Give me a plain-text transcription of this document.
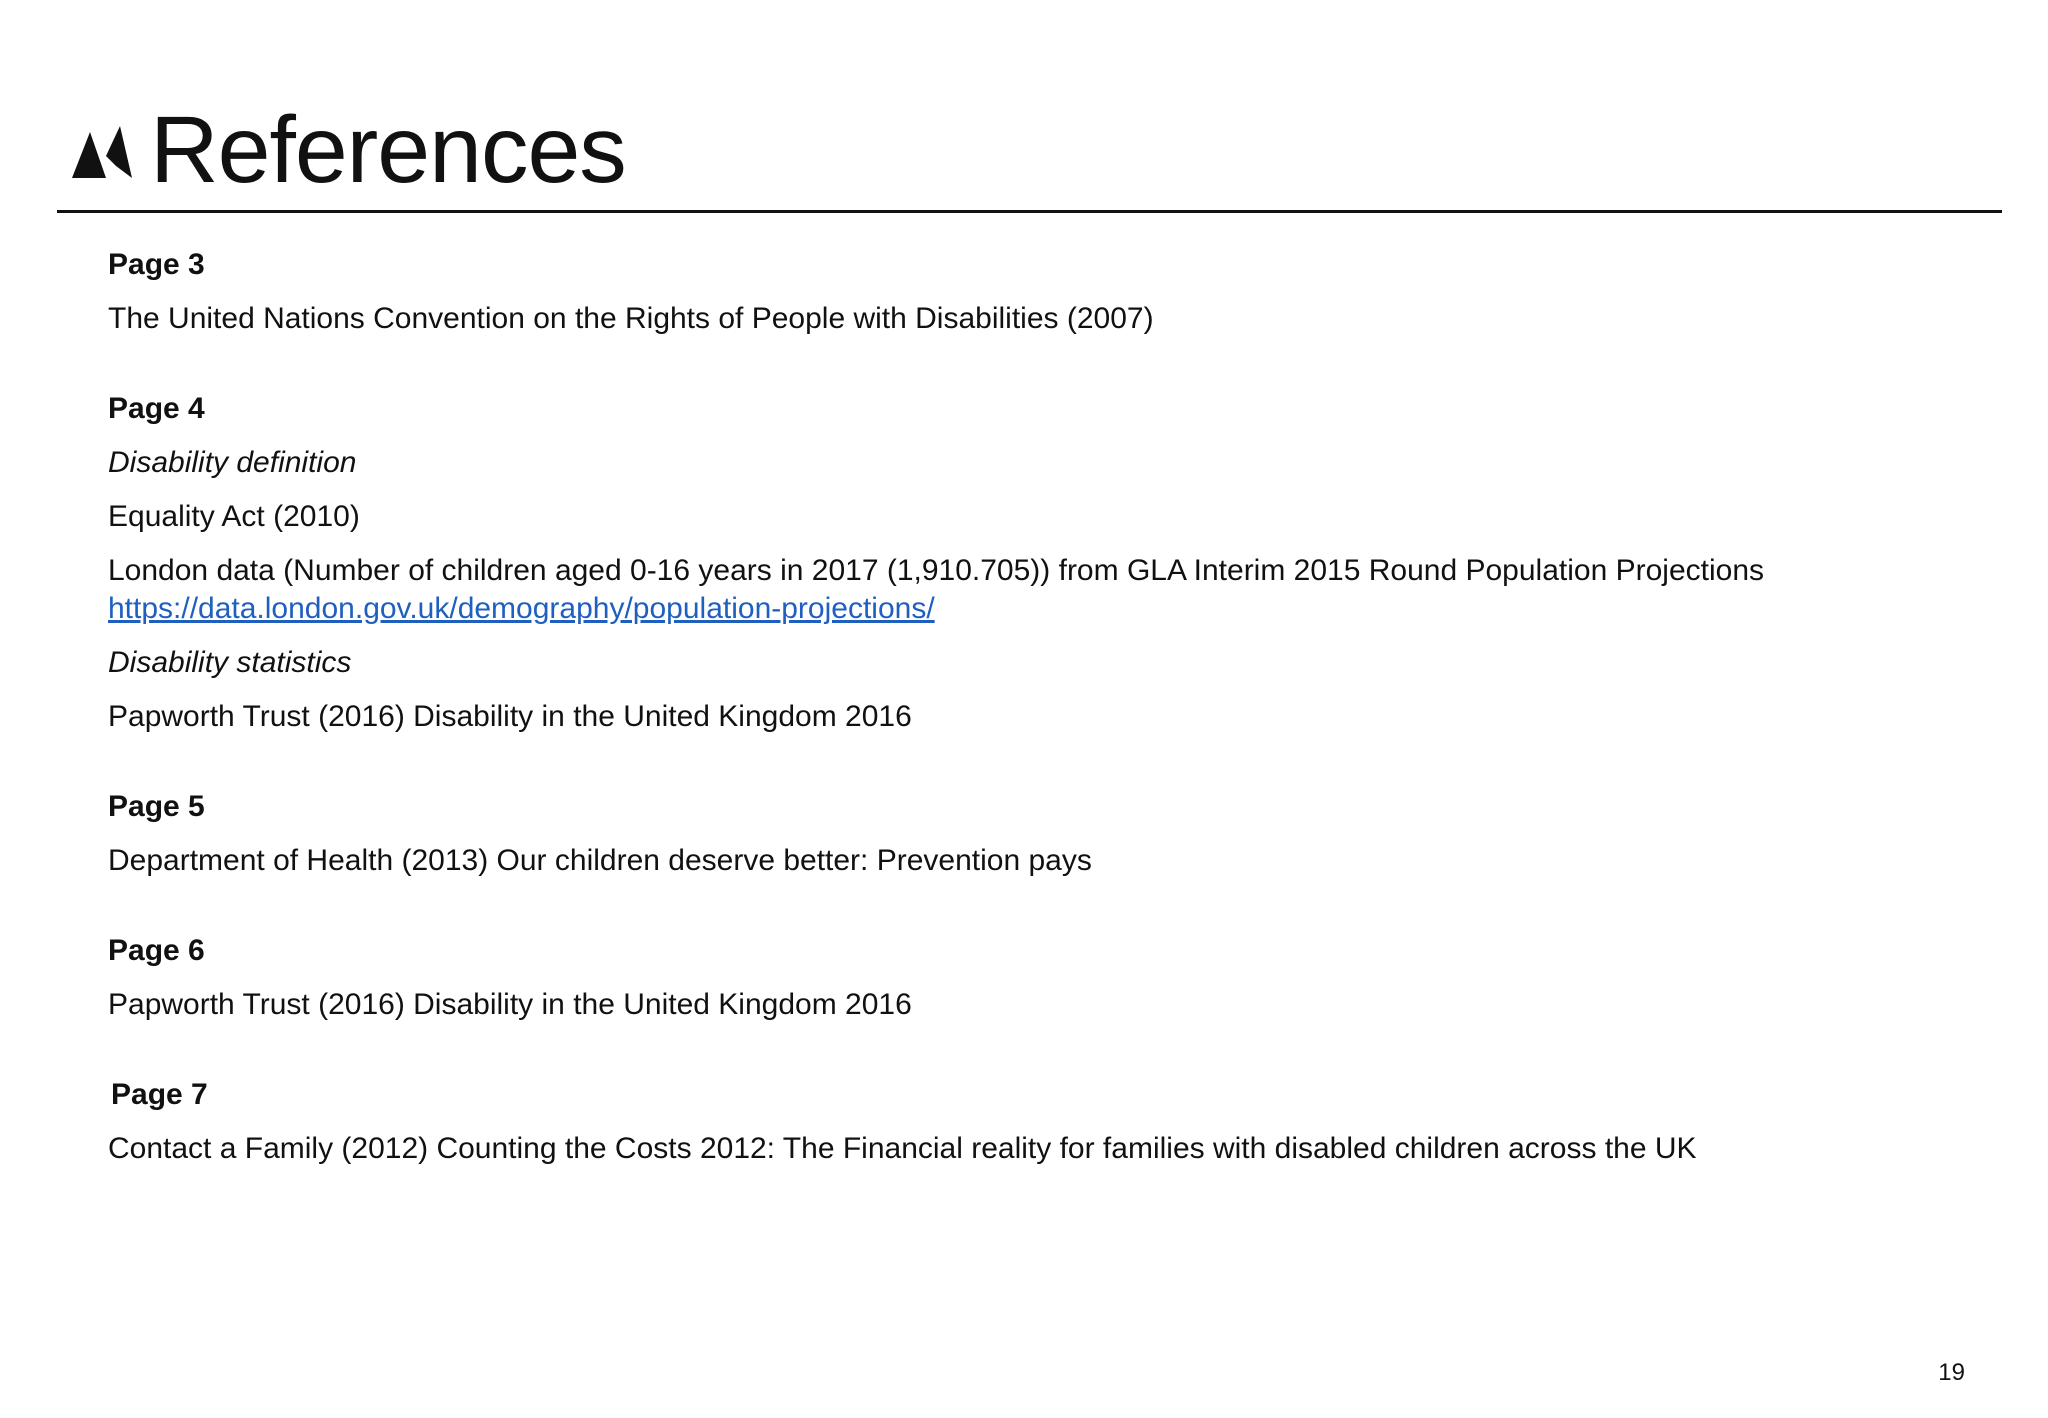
References
Page 3
The United Nations Convention on the Rights of People with Disabilities (2007)
Page 4
Disability definition
Equality Act (2010)
London data (Number of children aged 0-16 years in 2017 (1,910.705)) from GLA Interim 2015 Round Population Projections
https://data.london.gov.uk/demography/population-projections/
Disability statistics
Papworth Trust (2016) Disability in the United Kingdom 2016
Page 5
Department of Health (2013) Our children deserve better: Prevention pays
Page 6
Papworth Trust (2016) Disability in the United Kingdom 2016
Page 7
Contact a Family (2012) Counting the Costs 2012: The Financial reality for families with disabled children across the UK
19
